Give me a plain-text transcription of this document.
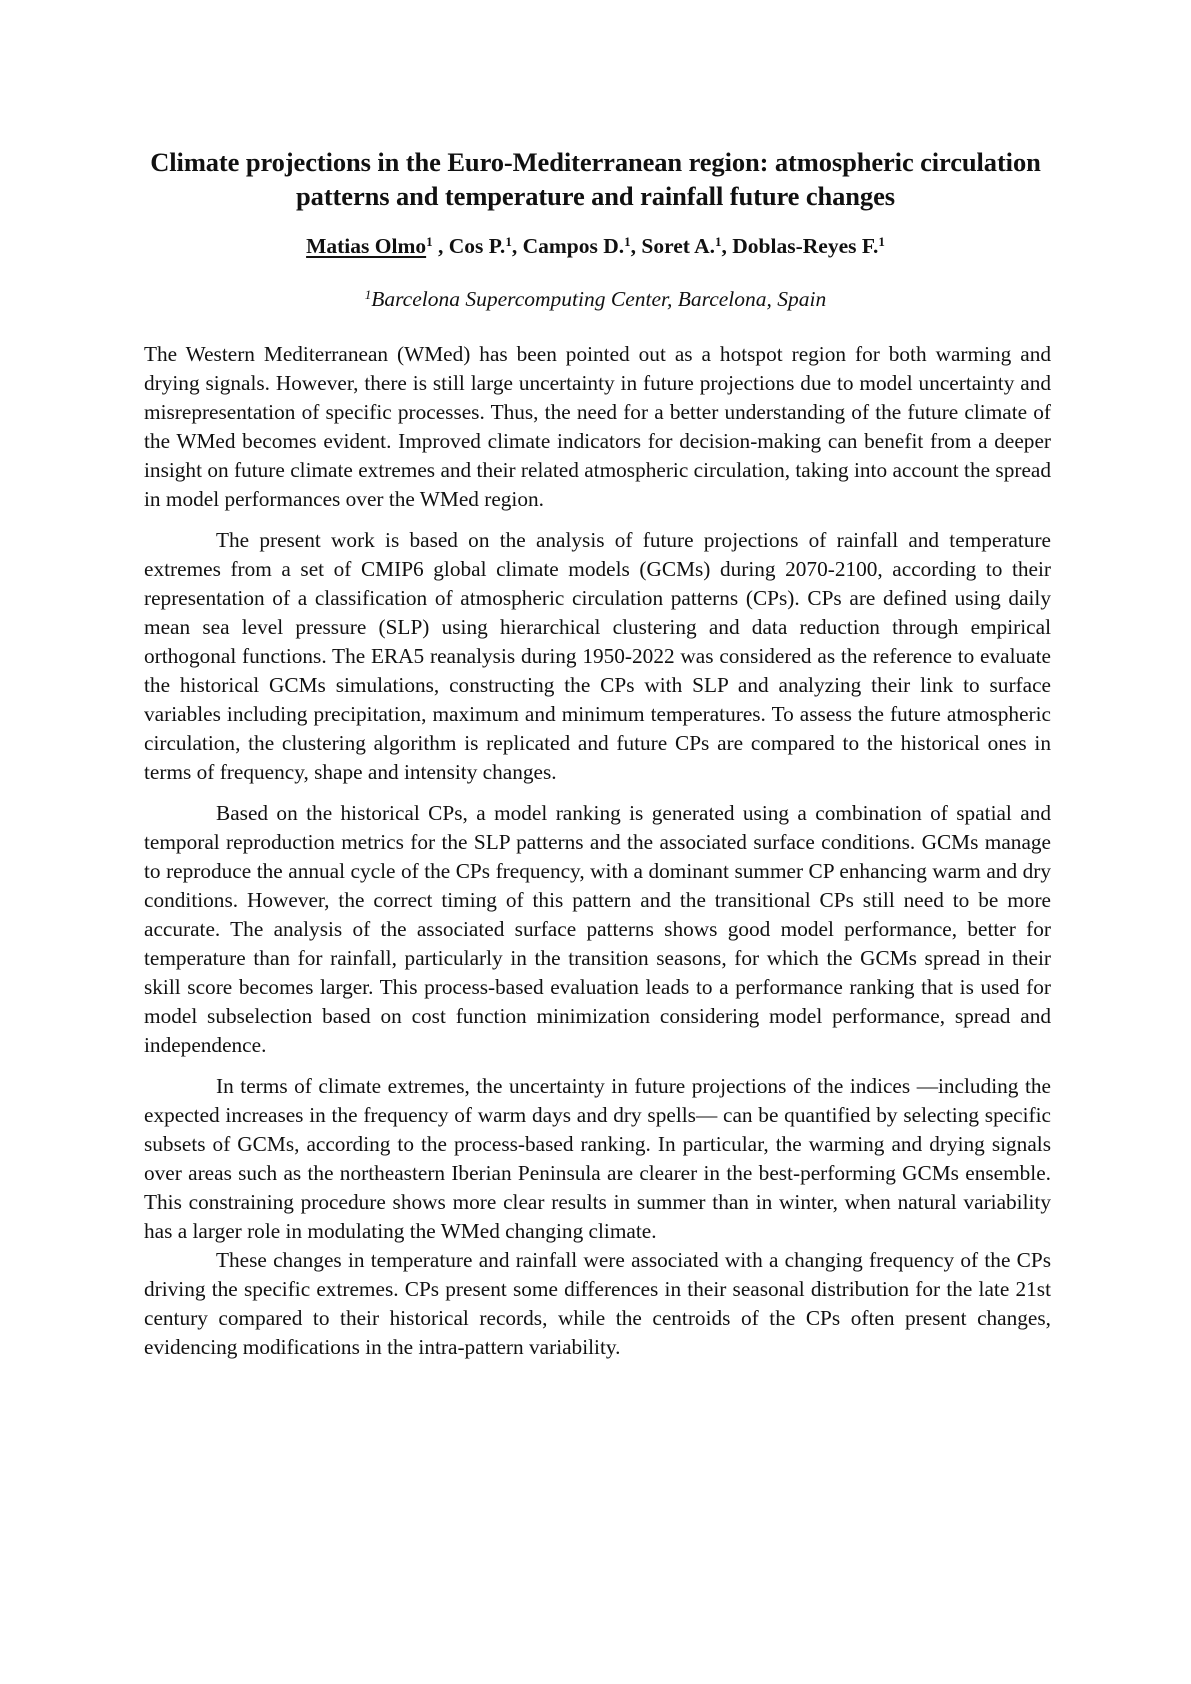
Climate projections in the Euro-Mediterranean region: atmospheric circulation patterns and temperature and rainfall future changes

Matias Olmo$^1$ , Cos P.$^1$, Campos D.$^1$, Soret A.$^1$, Doblas-Reyes F.$^1$

$^1$Barcelona Supercomputing Center, Barcelona, Spain

The Western Mediterranean (WMed) has been pointed out as a hotspot region for both warming and drying signals. However, there is still large uncertainty in future projections due to model uncertainty and misrepresentation of specific processes. Thus, the need for a better understanding of the future climate of the WMed becomes evident. Improved climate indicators for decision-making can benefit from a deeper insight on future climate extremes and their related atmospheric circulation, taking into account the spread in model performances over the WMed region.

The present work is based on the analysis of future projections of rainfall and temperature extremes from a set of CMIP6 global climate models (GCMs) during 2070-2100, according to their representation of a classification of atmospheric circulation patterns (CPs). CPs are defined using daily mean sea level pressure (SLP) using hierarchical clustering and data reduction through empirical orthogonal functions. The ERA5 reanalysis during 1950-2022 was considered as the reference to evaluate the historical GCMs simulations, constructing the CPs with SLP and analyzing their link to surface variables including precipitation, maximum and minimum temperatures. To assess the future atmospheric circulation, the clustering algorithm is replicated and future CPs are compared to the historical ones in terms of frequency, shape and intensity changes.

Based on the historical CPs, a model ranking is generated using a combination of spatial and temporal reproduction metrics for the SLP patterns and the associated surface conditions. GCMs manage to reproduce the annual cycle of the CPs frequency, with a dominant summer CP enhancing warm and dry conditions. However, the correct timing of this pattern and the transitional CPs still need to be more accurate. The analysis of the associated surface patterns shows good model performance, better for temperature than for rainfall, particularly in the transition seasons, for which the GCMs spread in their skill score becomes larger. This process-based evaluation leads to a performance ranking that is used for model subselection based on cost function minimization considering model performance, spread and independence.

In terms of climate extremes, the uncertainty in future projections of the indices —including the expected increases in the frequency of warm days and dry spells— can be quantified by selecting specific subsets of GCMs, according to the process-based ranking. In particular, the warming and drying signals over areas such as the northeastern Iberian Peninsula are clearer in the best-performing GCMs ensemble. This constraining procedure shows more clear results in summer than in winter, when natural variability has a larger role in modulating the WMed changing climate.

These changes in temperature and rainfall were associated with a changing frequency of the CPs driving the specific extremes. CPs present some differences in their seasonal distribution for the late 21st century compared to their historical records, while the centroids of the CPs often present changes, evidencing modifications in the intra-pattern variability.
